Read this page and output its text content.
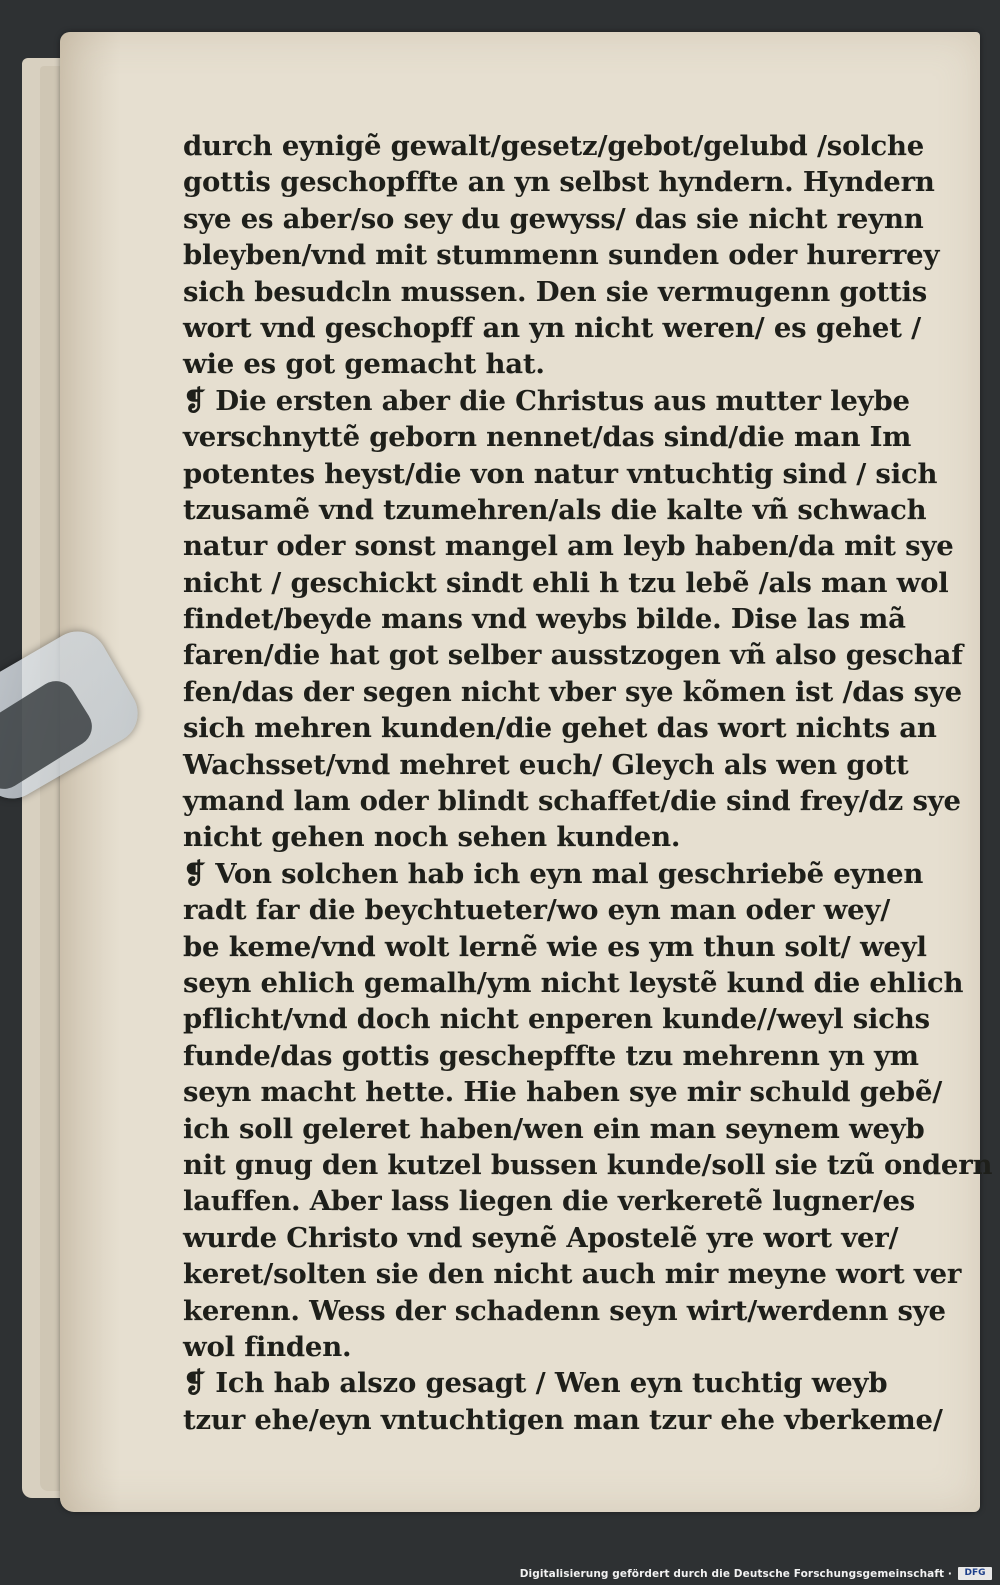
durch eynigẽ gewalt/gesetz/gebot/gelubd /solche
gottis geschopffte an yn selbst hyndern. Hyndern
sye es aber/so sey du gewyss/ das sie nicht reynn
bleyben/vnd mit stummenn sunden oder hurerrey
sich besudcln mussen. Den sie vermugenn gottis
wort vnd geschopff an yn nicht weren/ es gehet /
wie es got gemacht hat.
❡ Die ersten aber die Christus aus mutter leybe
verschnyttẽ geborn nennet/das sind/die man Im
potentes heyst/die von natur vntuchtig sind / sich
tzusamẽ vnd tzumehren/als die kalte vñ schwach
natur oder sonst mangel am leyb haben/da mit sye
nicht / geschickt sindt ehli h tzu lebẽ /als man wol
findet/beyde mans vnd weybs bilde. Dise las mã
faren/die hat got selber ausstzogen vñ also geschaf
fen/das der segen nicht vber sye kõmen ist /das sye
sich mehren kunden/die gehet das wort nichts an
Wachsset/vnd mehret euch/ Gleych als wen gott
ymand lam oder blindt schaffet/die sind frey/dz sye
nicht gehen noch sehen kunden.
❡ Von solchen hab ich eyn mal geschriebẽ eynen
radt far die beychtueter/wo eyn man oder wey/
be keme/vnd wolt lernẽ wie es ym thun solt/ weyl
seyn ehlich gemalh/ym nicht leystẽ kund die ehlich
pflicht/vnd doch nicht enperen kunde//weyl sichs
funde/das gottis geschepffte tzu mehrenn yn ym
seyn macht hette. Hie haben sye mir schuld gebẽ/
ich soll geleret haben/wen ein man seynem weyb
nit gnug den kutzel bussen kunde/soll sie tzũ ondern
lauffen. Aber lass liegen die verkeretẽ lugner/es
wurde Christo vnd seynẽ Apostelẽ yre wort ver/
keret/solten sie den nicht auch mir meyne wort ver
kerenn. Wess der schadenn seyn wirt/werdenn sye
wol finden.
❡ Ich hab alszo gesagt / Wen eyn tuchtig weyb
tzur ehe/eyn vntuchtigen man tzur ehe vberkeme/
Digitalisierung gefördert durch die Deutsche Forschungsgemeinschaft ·	DFG
